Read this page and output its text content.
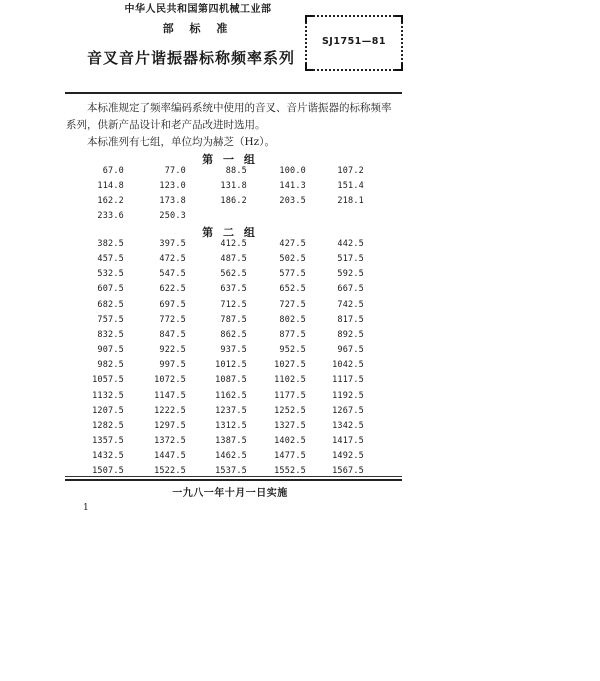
中华人民共和国第四机械工业部
部 标 准
音叉音片谐振器标称频率系列
SJ1751—81
本标准规定了频率编码系统中使用的音叉、音片谐振器的标称频率
系列，供新产品设计和老产品改进时选用。
本标准列有七组，单位均为赫芝（Hz）。
第 一 组
第 二 组
67.0	77.0	88.5	100.0	107.2
114.8	123.0	131.8	141.3	151.4
162.2	173.8	186.2	203.5	218.1
233.6	250.3
382.5	397.5	412.5	427.5	442.5
457.5	472.5	487.5	502.5	517.5
532.5	547.5	562.5	577.5	592.5
607.5	622.5	637.5	652.5	667.5
682.5	697.5	712.5	727.5	742.5
757.5	772.5	787.5	802.5	817.5
832.5	847.5	862.5	877.5	892.5
907.5	922.5	937.5	952.5	967.5
982.5	997.5	1012.5	1027.5	1042.5
1057.5	1072.5	1087.5	1102.5	1117.5
1132.5	1147.5	1162.5	1177.5	1192.5
1207.5	1222.5	1237.5	1252.5	1267.5
1282.5	1297.5	1312.5	1327.5	1342.5
1357.5	1372.5	1387.5	1402.5	1417.5
1432.5	1447.5	1462.5	1477.5	1492.5
1507.5	1522.5	1537.5	1552.5	1567.5
一九八一年十月一日实施
1
